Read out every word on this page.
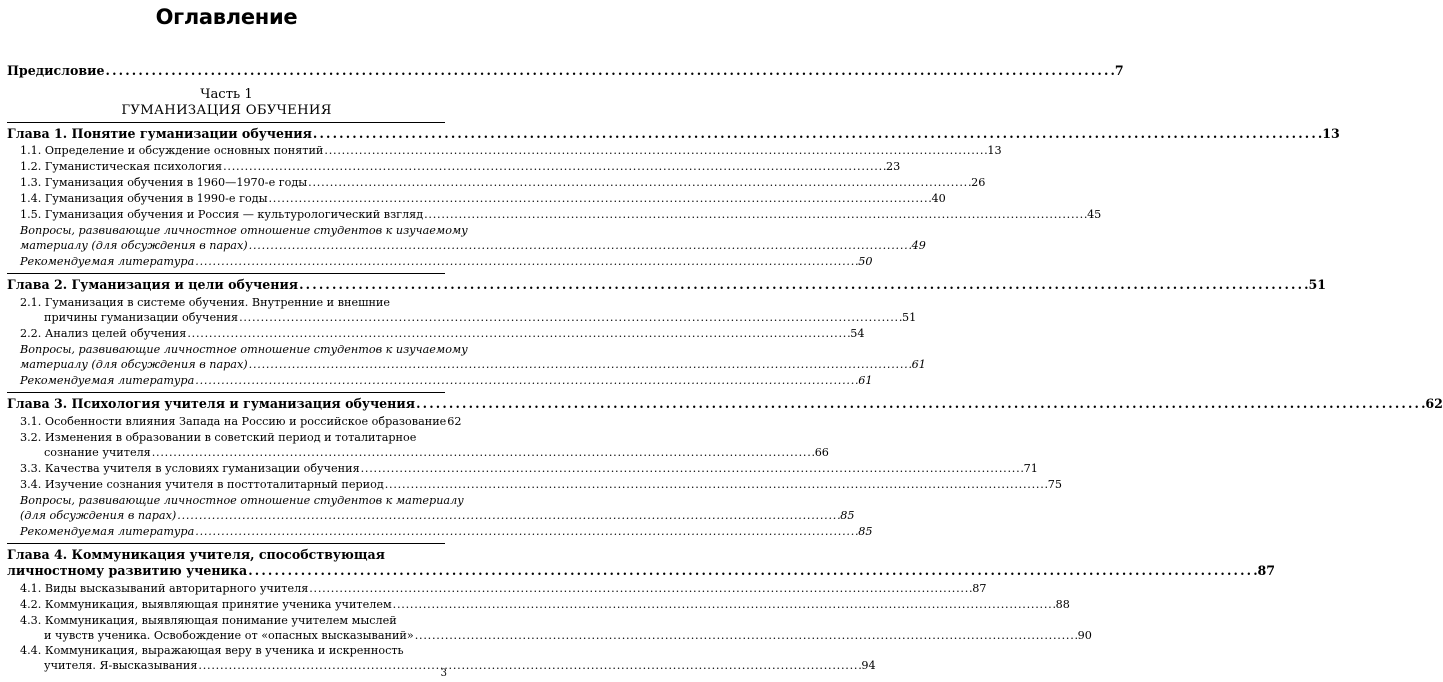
Оглавление
Предисловие . . .	7
Часть 1
ГУМАНИЗАЦИЯ ОБУЧЕНИЯ
Глава 1. Понятие гуманизации обучения . . .	13
1.1. Определение и обсуждение основных понятий . . .	13
1.2. Гуманистическая психология . . .	23
1.3. Гуманизация обучения в 1960—1970-е годы . . .	26
1.4. Гуманизация обучения в 1990-е годы . . .	40
1.5. Гуманизация обучения и Россия — культурологический взгляд . . .	45
Вопросы, развивающие личностное отношение студентов к изучаемому
материалу (для обсуждения в парах) . . .	49
Рекомендуемая литература . . .	50
Глава 2. Гуманизация и цели обучения . . .	51
2.1. Гуманизация в системе обучения. Внутренние и внешние
причины гуманизации обучения . . .	51
2.2. Анализ целей обучения . . .	54
Вопросы, развивающие личностное отношение студентов к изучаемому
материалу (для обсуждения в парах) . . .	61
Рекомендуемая литература . . .	61
Глава 3. Психология учителя и гуманизация обучения . . .	62
3.1. Особенности влияния Запада на Россию и российское образование 62
3.2. Изменения в образовании в советский период и тоталитарное
сознание учителя . . .	66
3.3. Качества учителя в условиях гуманизации обучения . . .	71
3.4. Изучение сознания учителя в посттоталитарный период . . .	75
Вопросы, развивающие личностное отношение студентов к материалу
(для обсуждения в парах) . . .	85
Рекомендуемая литература . . .	85
Глава 4. Коммуникация учителя, способствующая
личностному развитию ученика . . .	87
4.1. Виды высказываний авторитарного учителя . . .	87
4.2. Коммуникация, выявляющая принятие ученика учителем . . .	88
4.3. Коммуникация, выявляющая понимание учителем мыслей
и чувств ученика. Освобождение от «опасных высказываний» . . .	90
4.4. Коммуникация, выражающая веру в ученика и искренность
учителя. Я-высказывания . . .	94
3
